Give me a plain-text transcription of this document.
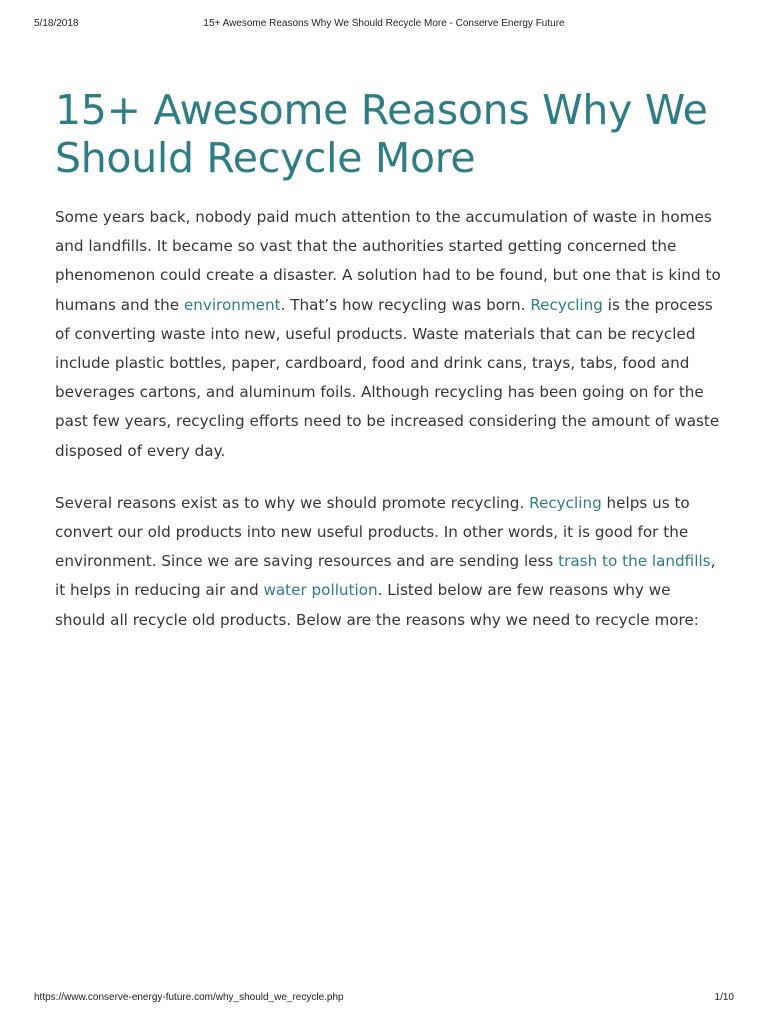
5/18/2018	15+ Awesome Reasons Why We Should Recycle More - Conserve Energy Future
15+ Awesome Reasons Why We Should Recycle More

Some years back, nobody paid much attention to the accumulation of waste in homes and landfills. It became so vast that the authorities started getting concerned the phenomenon could create a disaster. A solution had to be found, but one that is kind to humans and the environment. That’s how recycling was born. Recycling is the process of converting waste into new, useful products. Waste materials that can be recycled include plastic bottles, paper, cardboard, food and drink cans, trays, tabs, food and beverages cartons, and aluminum foils. Although recycling has been going on for the past few years, recycling efforts need to be increased considering the amount of waste disposed of every day.

Several reasons exist as to why we should promote recycling. Recycling helps us to convert our old products into new useful products. In other words, it is good for the environment. Since we are saving resources and are sending less trash to the landfills, it helps in reducing air and water pollution. Listed below are few reasons why we should all recycle old products. Below are the reasons why we need to recycle more:

https://www.conserve-energy-future.com/why_should_we_recycle.php	1/10
